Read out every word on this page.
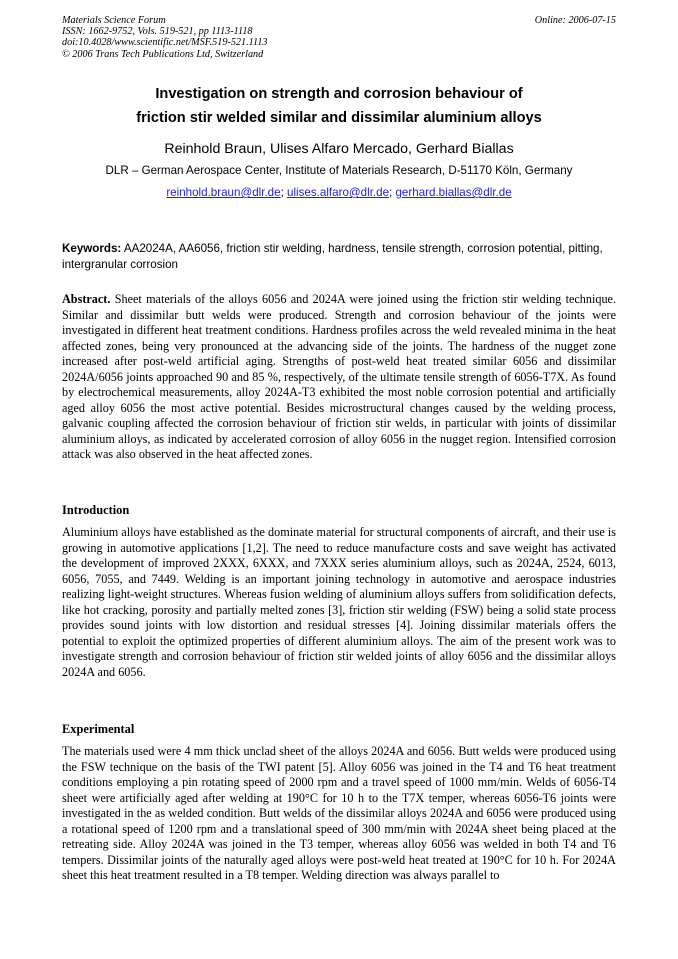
Materials Science Forum
ISSN: 1662-9752, Vols. 519-521, pp 1113-1118
doi:10.4028/www.scientific.net/MSF.519-521.1113
© 2006 Trans Tech Publications Ltd, Switzerland
Online: 2006-07-15
Investigation on strength and corrosion behaviour of
friction stir welded similar and dissimilar aluminium alloys
Reinhold Braun, Ulises Alfaro Mercado, Gerhard Biallas
DLR – German Aerospace Center, Institute of Materials Research, D-51170 Köln, Germany
reinhold.braun@dlr.de; ulises.alfaro@dlr.de; gerhard.biallas@dlr.de
Keywords: AA2024A, AA6056, friction stir welding, hardness, tensile strength, corrosion potential, pitting, intergranular corrosion
Abstract. Sheet materials of the alloys 6056 and 2024A were joined using the friction stir welding technique. Similar and dissimilar butt welds were produced. Strength and corrosion behaviour of the joints were investigated in different heat treatment conditions. Hardness profiles across the weld revealed minima in the heat affected zones, being very pronounced at the advancing side of the joints. The hardness of the nugget zone increased after post-weld artificial aging. Strengths of post-weld heat treated similar 6056 and dissimilar 2024A/6056 joints approached 90 and 85 %, respectively, of the ultimate tensile strength of 6056-T7X. As found by electrochemical measurements, alloy 2024A-T3 exhibited the most noble corrosion potential and artificially aged alloy 6056 the most active potential. Besides microstructural changes caused by the welding process, galvanic coupling affected the corrosion behaviour of friction stir welds, in particular with joints of dissimilar aluminium alloys, as indicated by accelerated corrosion of alloy 6056 in the nugget region. Intensified corrosion attack was also observed in the heat affected zones.
Introduction
Aluminium alloys have established as the dominate material for structural components of aircraft, and their use is growing in automotive applications [1,2]. The need to reduce manufacture costs and save weight has activated the development of improved 2XXX, 6XXX, and 7XXX series aluminium alloys, such as 2024A, 2524, 6013, 6056, 7055, and 7449. Welding is an important joining technology in automotive and aerospace industries realizing light-weight structures. Whereas fusion welding of aluminium alloys suffers from solidification defects, like hot cracking, porosity and partially melted zones [3], friction stir welding (FSW) being a solid state process provides sound joints with low distortion and residual stresses [4]. Joining dissimilar materials offers the potential to exploit the optimized properties of different aluminium alloys. The aim of the present work was to investigate strength and corrosion behaviour of friction stir welded joints of alloy 6056 and the dissimilar alloys 2024A and 6056.
Experimental
The materials used were 4 mm thick unclad sheet of the alloys 2024A and 6056. Butt welds were produced using the FSW technique on the basis of the TWI patent [5]. Alloy 6056 was joined in the T4 and T6 heat treatment conditions employing a pin rotating speed of 2000 rpm and a travel speed of 1000 mm/min. Welds of 6056-T4 sheet were artificially aged after welding at 190°C for 10 h to the T7X temper, whereas 6056-T6 joints were investigated in the as welded condition. Butt welds of the dissimilar alloys 2024A and 6056 were produced using a rotational speed of 1200 rpm and a translational speed of 300 mm/min with 2024A sheet being placed at the retreating side. Alloy 2024A was joined in the T3 temper, whereas alloy 6056 was welded in both T4 and T6 tempers. Dissimilar joints of the naturally aged alloys were post-weld heat treated at 190°C for 10 h. For 2024A sheet this heat treatment resulted in a T8 temper. Welding direction was always parallel to
